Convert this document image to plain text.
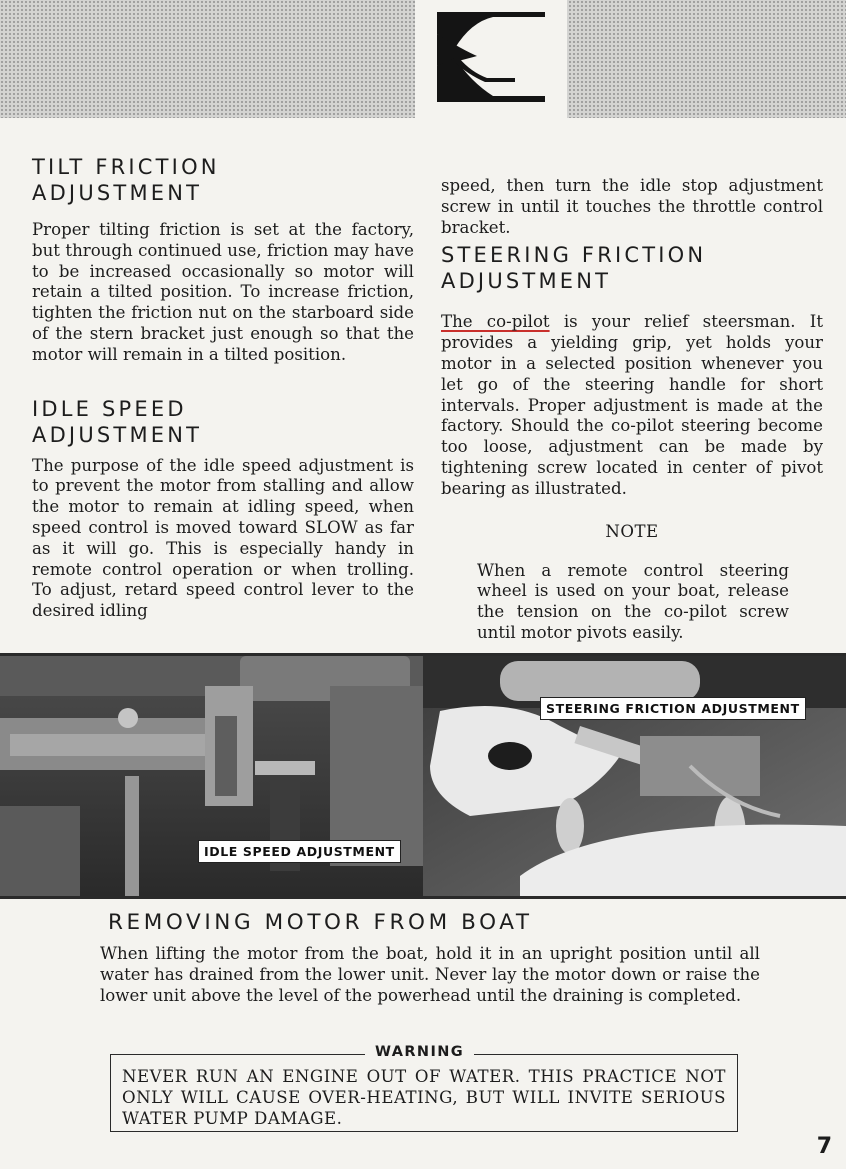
TILT FRICTION
ADJUSTMENT

Proper tilting friction is set at the factory, but through continued use, friction may have to be increased occasionally so motor will retain a tilted position. To increase friction, tighten the friction nut on the starboard side of the stern bracket just enough so that the motor will remain in a tilted position.

IDLE SPEED
ADJUSTMENT

The purpose of the idle speed adjustment is to prevent the motor from stalling and allow the motor to remain at idling speed, when speed control is moved toward SLOW as far as it will go. This is especially handy in remote control operation or when trolling. To adjust, retard speed control lever to the desired idling

speed, then turn the idle stop adjustment screw in until it touches the throttle control bracket.

STEERING FRICTION
ADJUSTMENT

The co-pilot is your relief steersman. It provides a yielding grip, yet holds your motor in a selected position whenever you let go of the steering handle for short intervals. Proper adjustment is made at the factory. Should the co-pilot steering become too loose, adjustment can be made by tightening screw located in center of pivot bearing as illustrated.

NOTE

When a remote control steering wheel is used on your boat, release the tension on the co-pilot screw until motor pivots easily.

IDLE SPEED ADJUSTMENT
STEERING FRICTION ADJUSTMENT
REMOVING MOTOR FROM BOAT

When lifting the motor from the boat, hold it in an upright position until all water has drained from the lower unit. Never lay the motor down or raise the lower unit above the level of the powerhead until the draining is completed.

WARNING

NEVER RUN AN ENGINE OUT OF WATER. THIS PRACTICE NOT ONLY WILL CAUSE OVER-HEATING, BUT WILL INVITE SERIOUS WATER PUMP DAMAGE.

7
